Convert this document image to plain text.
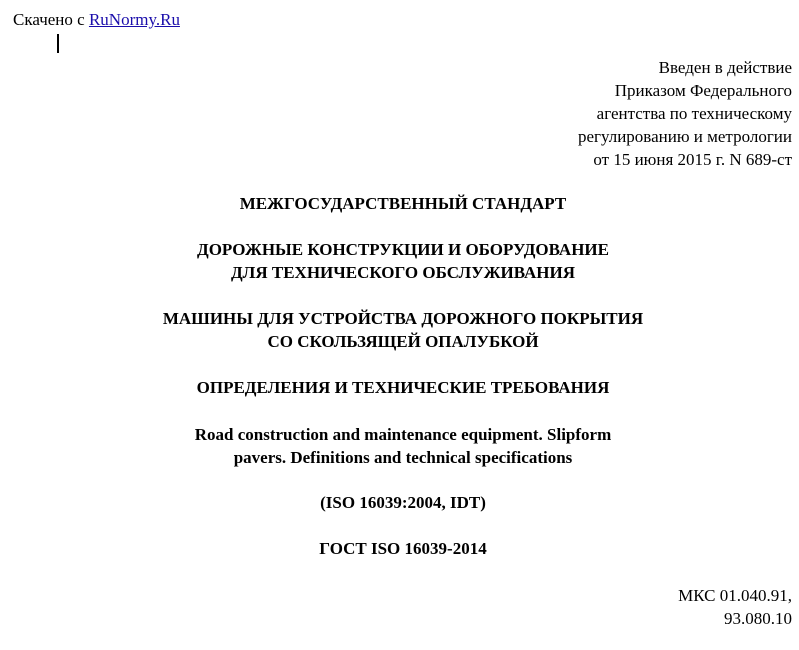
Скачено с RuNormy.Ru
Введен в действие
Приказом Федерального
агентства по техническому
регулированию и метрологии
от 15 июня 2015 г. N 689-ст
МЕЖГОСУДАРСТВЕННЫЙ СТАНДАРТ
ДОРОЖНЫЕ КОНСТРУКЦИИ И ОБОРУДОВАНИЕ
ДЛЯ ТЕХНИЧЕСКОГО ОБСЛУЖИВАНИЯ
МАШИНЫ ДЛЯ УСТРОЙСТВА ДОРОЖНОГО ПОКРЫТИЯ
СО СКОЛЬЗЯЩЕЙ ОПАЛУБКОЙ
ОПРЕДЕЛЕНИЯ И ТЕХНИЧЕСКИЕ ТРЕБОВАНИЯ
Road construction and maintenance equipment. Slipform
pavers. Definitions and technical specifications
(ISO 16039:2004, IDT)
ГОСТ ISO 16039-2014
МКС 01.040.91,
93.080.10
